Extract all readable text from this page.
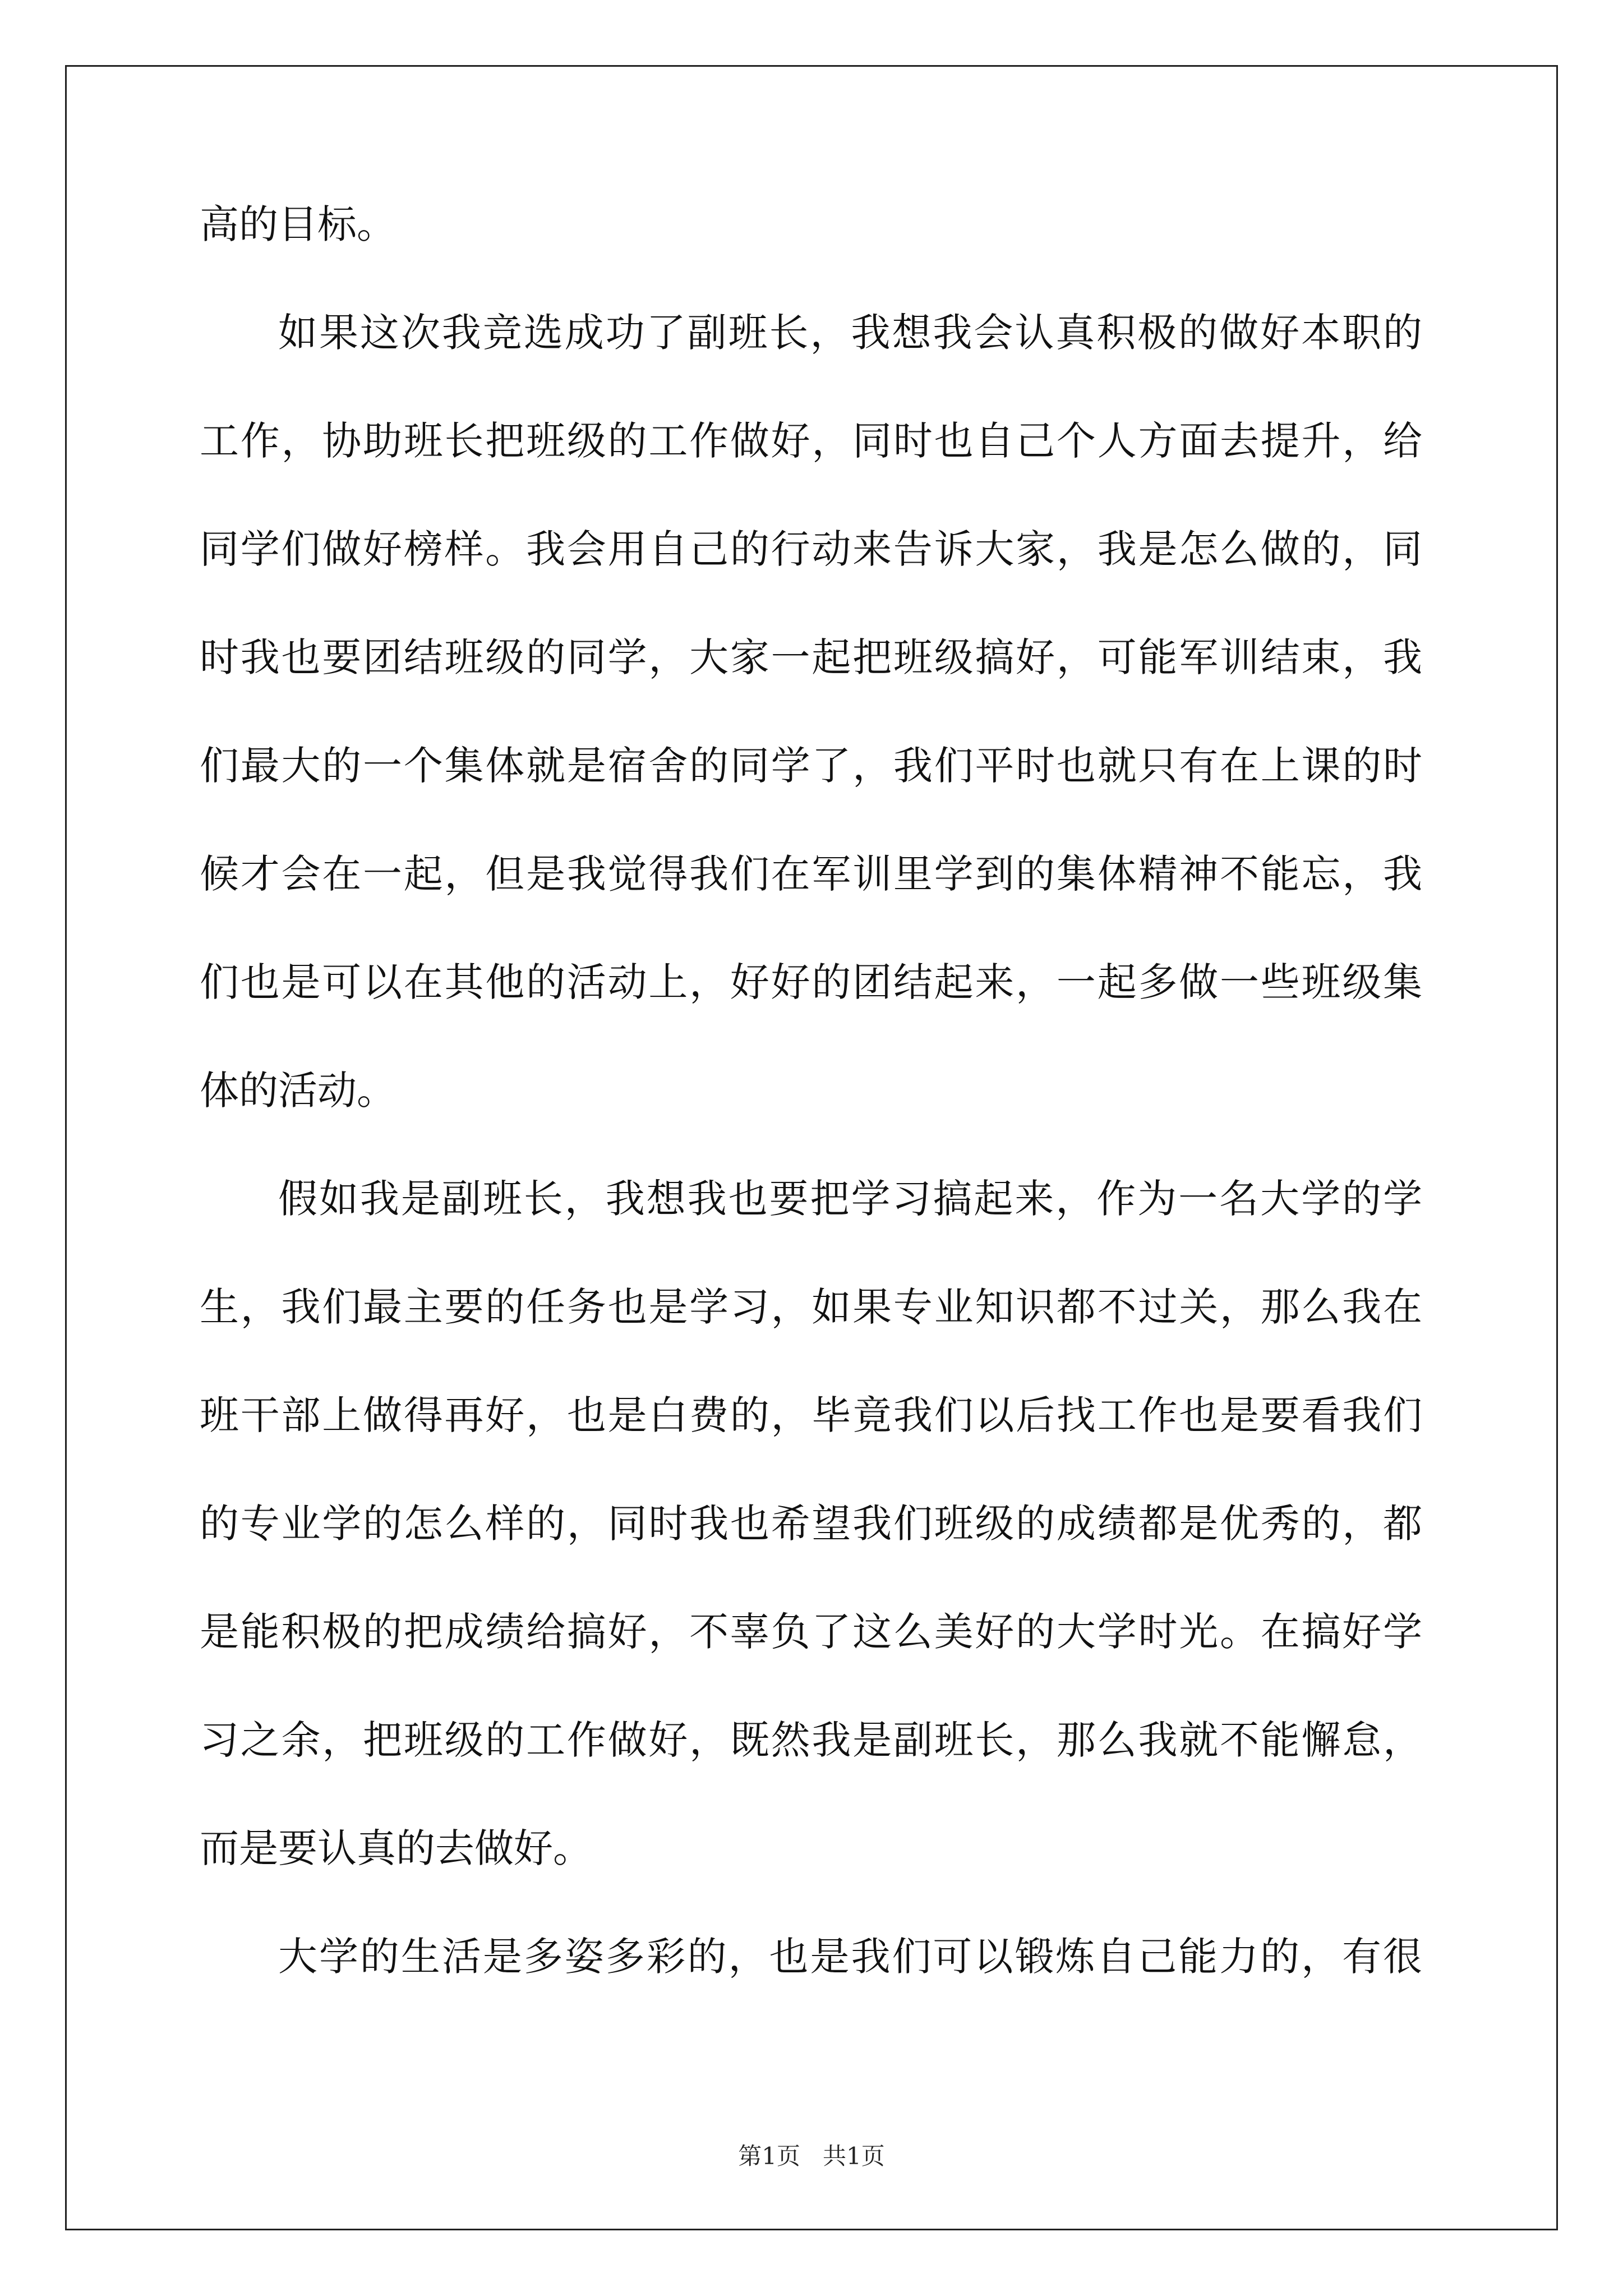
高的目标。
如果这次我竞选成功了副班长，我想我会认真积极的做好本职的
工作，协助班长把班级的工作做好，同时也自己个人方面去提升，给
同学们做好榜样。我会用自己的行动来告诉大家，我是怎么做的，同
时我也要团结班级的同学，大家一起把班级搞好，可能军训结束，我
们最大的一个集体就是宿舍的同学了，我们平时也就只有在上课的时
候才会在一起，但是我觉得我们在军训里学到的集体精神不能忘，我
们也是可以在其他的活动上，好好的团结起来，一起多做一些班级集
体的活动。
假如我是副班长，我想我也要把学习搞起来，作为一名大学的学
生，我们最主要的任务也是学习，如果专业知识都不过关，那么我在
班干部上做得再好，也是白费的，毕竟我们以后找工作也是要看我们
的专业学的怎么样的，同时我也希望我们班级的成绩都是优秀的，都
是能积极的把成绩给搞好，不辜负了这么美好的大学时光。在搞好学
习之余，把班级的工作做好，既然我是副班长，那么我就不能懈怠，
而是要认真的去做好。
大学的生活是多姿多彩的，也是我们可以锻炼自己能力的，有很
第1页   共1页
